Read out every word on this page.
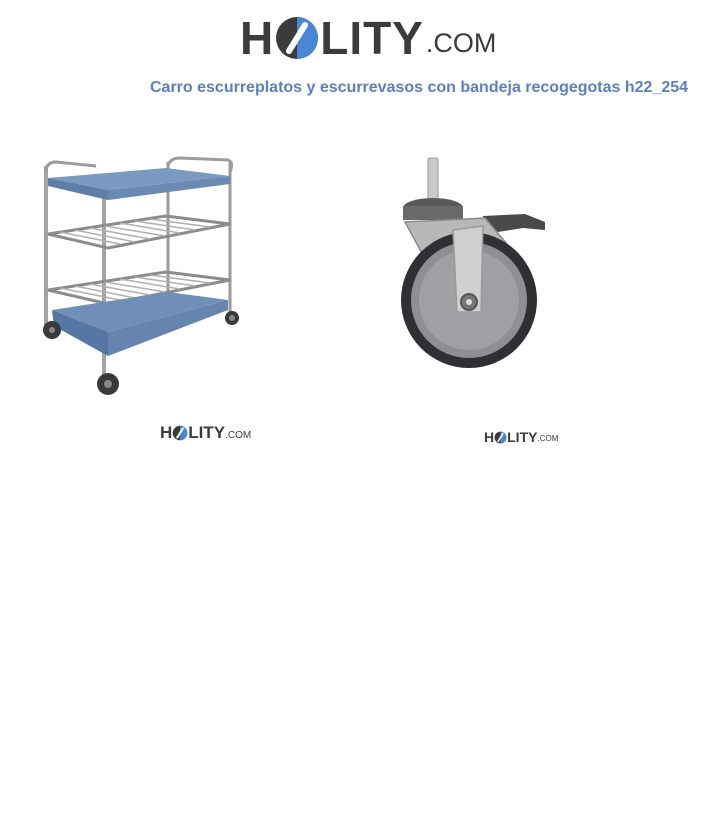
H LITY .COM
Carro escurreplatos y escurrevasos con bandeja recogegotas h22_254
H LITY .COM	H LITY .COM
